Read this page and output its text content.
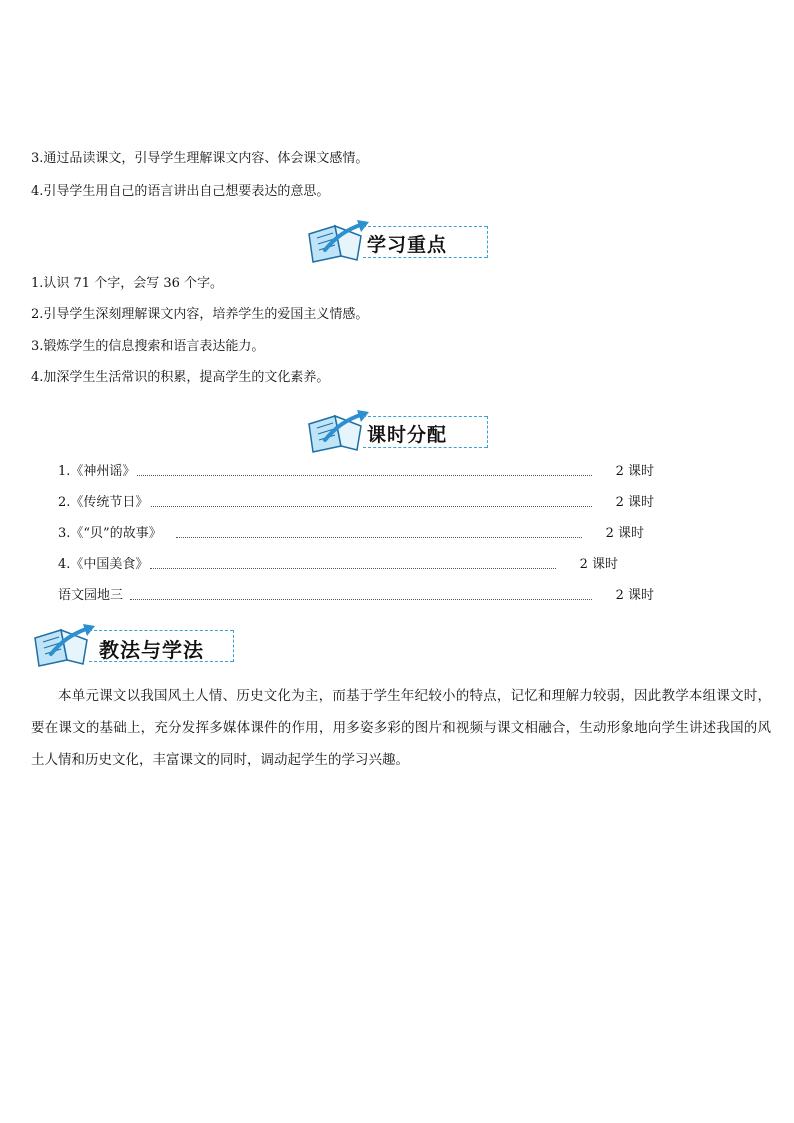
3.通过品读课文，引导学生理解课文内容、体会课文感情。
4.引导学生用自己的语言讲出自己想要表达的意思。
学习重点
1.认识 71 个字，会写 36 个字。
2.引导学生深刻理解课文内容，培养学生的爱国主义情感。
3.锻炼学生的信息搜索和语言表达能力。
4.加深学生生活常识的积累，提高学生的文化素养。
课时分配
1.《神州谣》	2 课时
2.《传统节日》	2 课时
3.《“贝”的故事》	2 课时
4.《中国美食》	2 课时
语文园地三	2 课时
教法与学法
本单元课文以我国风土人情、历史文化为主，而基于学生年纪较小的特点，记忆和理解力较弱，因此教学本组课文时，要在课文的基础上，充分发挥多媒体课件的作用，用多姿多彩的图片和视频与课文相融合，生动形象地向学生讲述我国的风土人情和历史文化，丰富课文的同时，调动起学生的学习兴趣。
